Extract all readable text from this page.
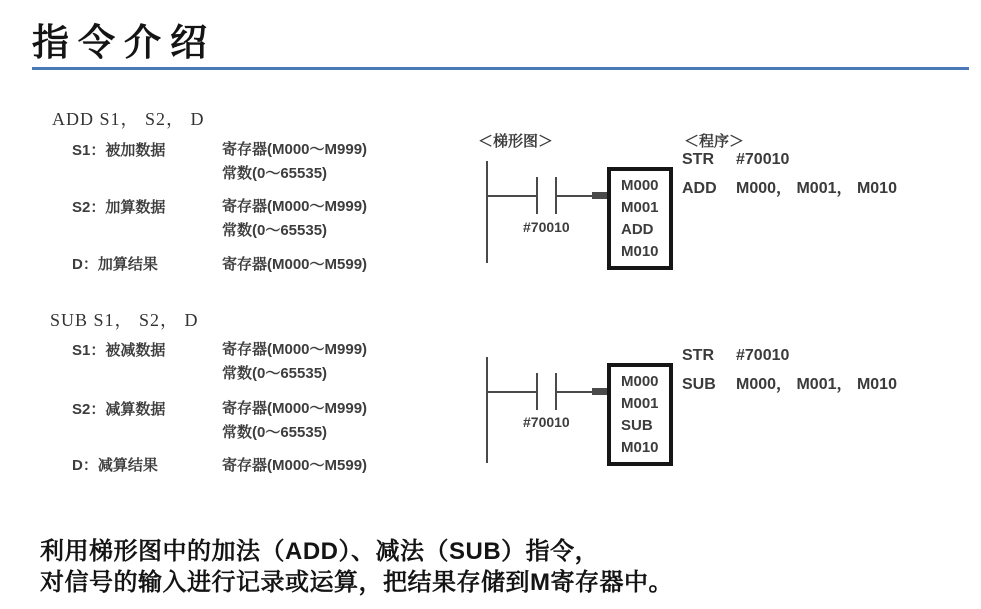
指令介绍
ADD S1， S2， D
S1：被加数据	寄存器(M000～M999)
常数(0～65535)
S2：加算数据	寄存器(M000～M999)
常数(0～65535)
D：加算结果	寄存器(M000～M599)
＜梯形图＞
#70010
M000
M001
ADD
M010
＜程序＞
STR #70010
ADD M000， M001， M010
SUB S1， S2， D
S1：被减数据	寄存器(M000～M999)
常数(0～65535)
S2：减算数据	寄存器(M000～M999)
常数(0～65535)
D：减算结果	寄存器(M000～M599)
#70010
M000
M001
SUB
M010
STR #70010
SUB M000， M001， M010
利用梯形图中的加法（ADD）、减法（SUB）指令，
对信号的输入进行记录或运算，把结果存储到M寄存器中。
